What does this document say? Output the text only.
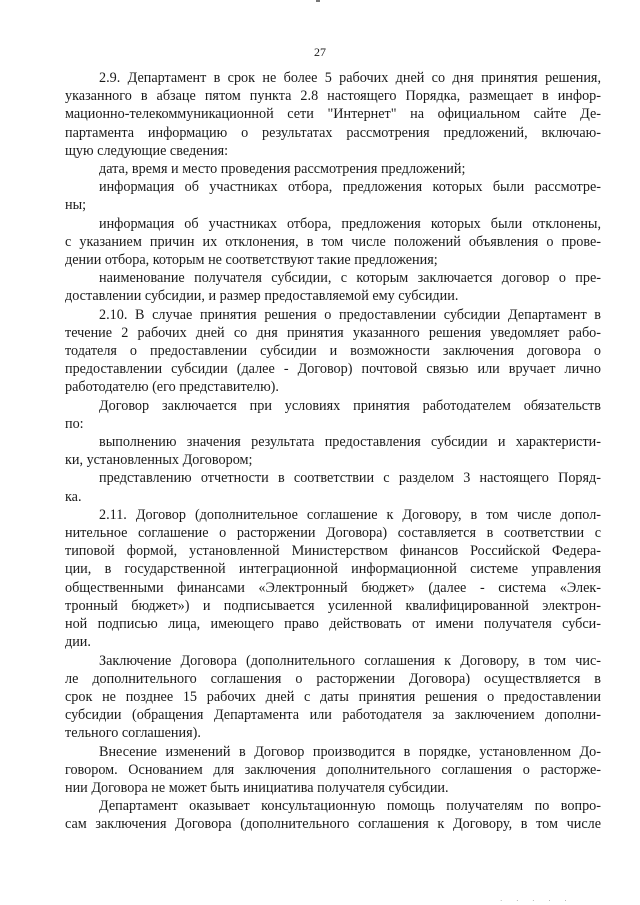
27
2.9. Департамент в срок не более 5 рабочих дней со дня принятия решения,
указанного в абзаце пятом пункта 2.8 настоящего Порядка, размещает в инфор-
мационно-телекоммуникационной сети "Интернет" на официальном сайте Де-
партамента информацию о результатах рассмотрения предложений, включаю-
щую следующие сведения:
дата, время и место проведения рассмотрения предложений;
информация об участниках отбора, предложения которых были рассмотре-
ны;
информация об участниках отбора, предложения которых были отклонены,
с указанием причин их отклонения, в том числе положений объявления о прове-
дении отбора, которым не соответствуют такие предложения;
наименование получателя субсидии, с которым заключается договор о пре-
доставлении субсидии, и размер предоставляемой ему субсидии.
2.10. В случае принятия решения о предоставлении субсидии Департамент в
течение 2 рабочих дней со дня принятия указанного решения уведомляет рабо-
тодателя о предоставлении субсидии и возможности заключения договора о
предоставлении субсидии (далее - Договор) почтовой связью или вручает лично
работодателю (его представителю).
Договор заключается при условиях принятия работодателем обязательств
по:
выполнению значения результата предоставления субсидии и характеристи-
ки, установленных Договором;
представлению отчетности в соответствии с разделом 3 настоящего Поряд-
ка.
2.11. Договор (дополнительное соглашение к Договору, в том числе допол-
нительное соглашение о расторжении Договора) составляется в соответствии с
типовой формой, установленной Министерством финансов Российской Федера-
ции, в государственной интеграционной информационной системе управления
общественными финансами «Электронный бюджет» (далее - система «Элек-
тронный бюджет») и подписывается усиленной квалифицированной электрон-
ной подписью лица, имеющего право действовать от имени получателя субси-
дии.
Заключение Договора (дополнительного соглашения к Договору, в том чис-
ле дополнительного соглашения о расторжении Договора) осуществляется в
срок не позднее 15 рабочих дней с даты принятия решения о предоставлении
субсидии (обращения Департамента или работодателя за заключением дополни-
тельного соглашения).
Внесение изменений в Договор производится в порядке, установленном До-
говором. Основанием для заключения дополнительного соглашения о расторже-
нии Договора не может быть инициатива получателя субсидии.
Департамент оказывает консультационную помощь получателям по вопро-
сам заключения Договора (дополнительного соглашения к Договору, в том числе
· · · · ·
